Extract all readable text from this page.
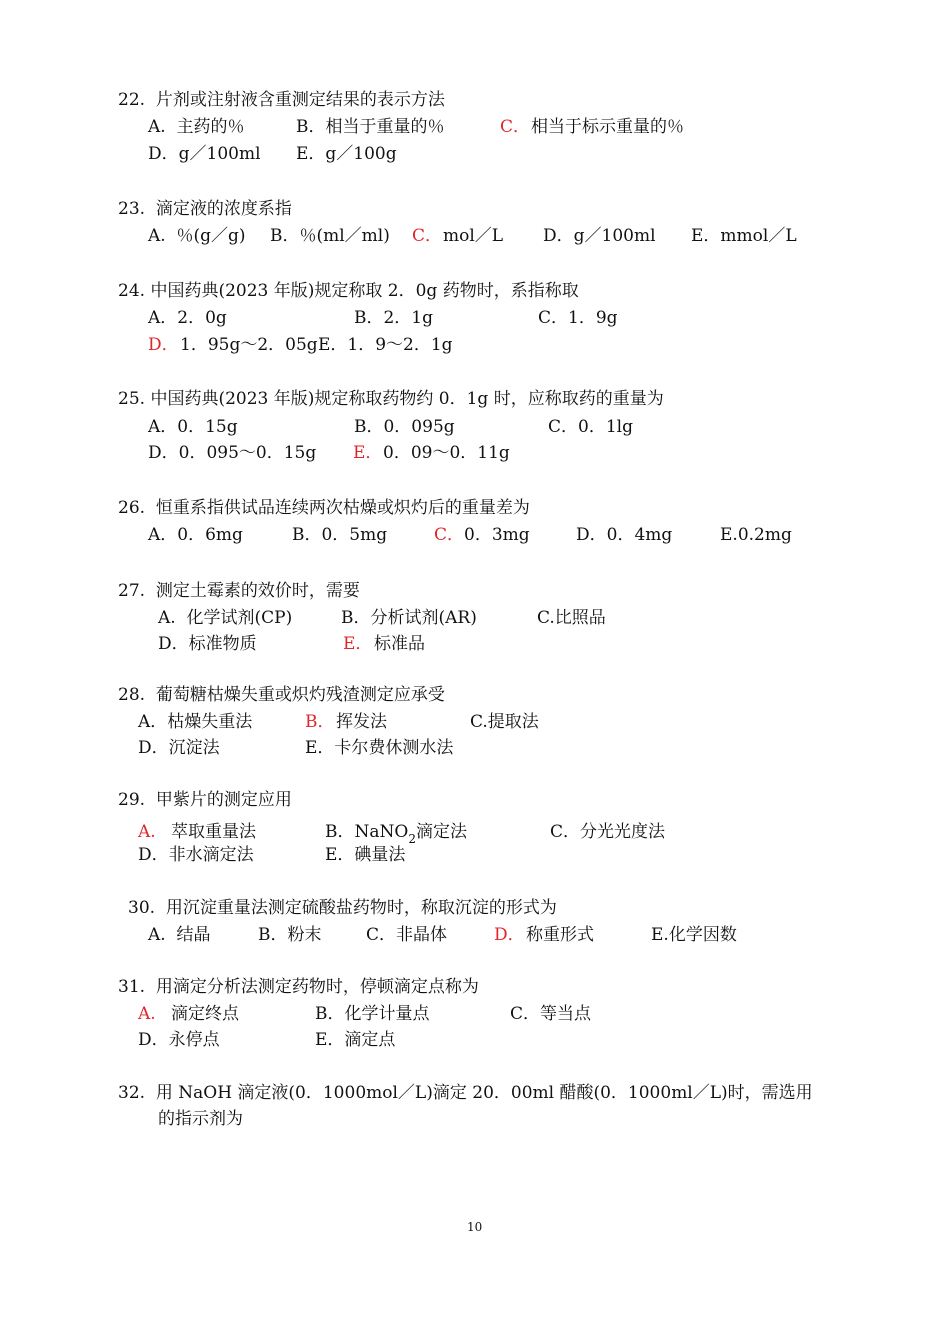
22.  片剂或注射液含重测定结果的表示方法
A.  主药的％	B．相当于重量的％	C． 相当于标示重量的％
D．g／100ml E．g／100g
23.  滴定液的浓度系指
A.  ％(g／g) B．％(ml／ml) C． mol／L D．g／100ml E．mmol／L
24. 中国药典(2023 年版)规定称取 2．0g 药物时，系指称取
A．2．0g	B．2．1g	C．1．9g
D． 1．95g～2．05g E．1．9～2．1g
25. 中国药典(2023 年版)规定称取药物约 0．1g 时，应称取药的重量为
A．0．15g	B．0．095g	C．0．1lg
D．0．095～0．15g E． 0．09～0．11g
26.  恒重系指供试品连续两次枯燥或炽灼后的重量差为
A．0．6mg	B．0．5mg	C． 0．3mg	D．0．4mg	E.0.2mg
27.  测定土霉素的效价时，需要
A.  化学试剂(CP)	B．分析试剂(AR)	C.比照品
D．标准物质	E． 标准品
28.  葡萄糖枯燥失重或炽灼残渣测定应承受
A．枯燥失重法	B． 挥发法	C.提取法
D．沉淀法	E．卡尔费休测水法
29.  甲紫片的测定应用
A. 萃取重量法	B．NaNO$_2$滴定法	C．分光光度法
D．非水滴定法	E．碘量法
30.  用沉淀重量法测定硫酸盐药物时，称取沉淀的形式为
A.  结晶	B．粉末	C．非晶体	D． 称重形式	E.化学因数
31.  用滴定分析法测定药物时，停顿滴定点称为
A. 滴定终点	B．化学计量点	C．等当点
D．永停点	E．滴定点
32.  用 NaOH 滴定液(0．1000mol／L)滴定 20．00ml 醋酸(0．1000ml／L)时，需选用
的指示剂为
10
